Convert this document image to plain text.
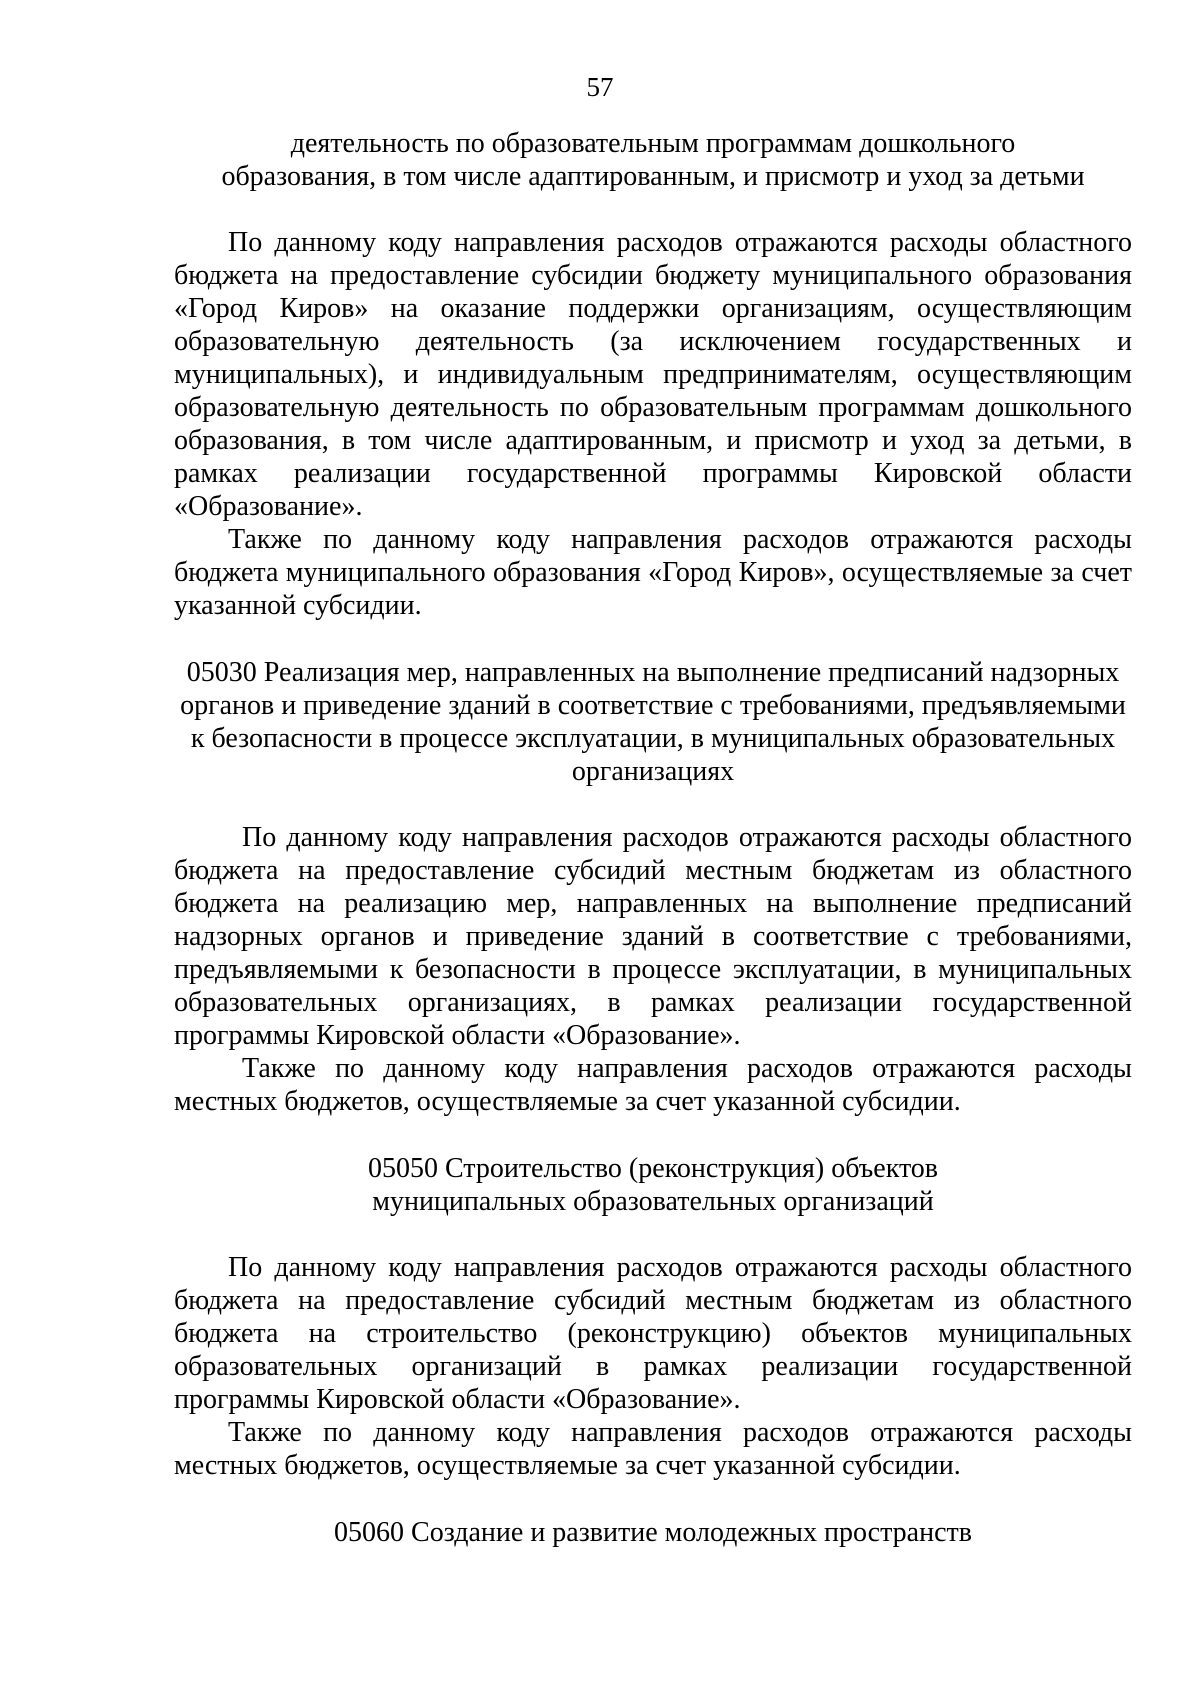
57

деятельность по образовательным программам дошкольного образования, в том числе адаптированным, и присмотр и уход за детьми

По данному коду направления расходов отражаются расходы областного бюджета на предоставление субсидии бюджету муниципального образования «Город Киров» на оказание поддержки организациям, осуществляющим образовательную деятельность (за исключением государственных и муниципальных), и индивидуальным предпринимателям, осуществляющим образовательную деятельность по образовательным программам дошкольного образования, в том числе адаптированным, и присмотр и уход за детьми, в рамках реализации государственной программы Кировской области «Образование».

Также по данному коду направления расходов отражаются расходы бюджета муниципального образования «Город Киров», осуществляемые за счет указанной субсидии.

05030 Реализация мер, направленных на выполнение предписаний надзорных органов и приведение зданий в соответствие с требованиями, предъявляемыми к безопасности в процессе эксплуатации, в муниципальных образовательных организациях

По данному коду направления расходов отражаются расходы областного бюджета на предоставление субсидий местным бюджетам из областного бюджета на реализацию мер, направленных на выполнение предписаний надзорных органов и приведение зданий в соответствие с требованиями, предъявляемыми к безопасности в процессе эксплуатации, в муниципальных образовательных организациях, в рамках реализации государственной программы Кировской области «Образование».

Также по данному коду направления расходов отражаются расходы местных бюджетов, осуществляемые за счет указанной субсидии.

05050 Строительство (реконструкция) объектов муниципальных образовательных организаций

По данному коду направления расходов отражаются расходы областного бюджета на предоставление субсидий местным бюджетам из областного бюджета на строительство (реконструкцию) объектов муниципальных образовательных организаций в рамках реализации государственной программы Кировской области «Образование».

Также по данному коду направления расходов отражаются расходы местных бюджетов, осуществляемые за счет указанной субсидии.

05060 Создание и развитие молодежных пространств
